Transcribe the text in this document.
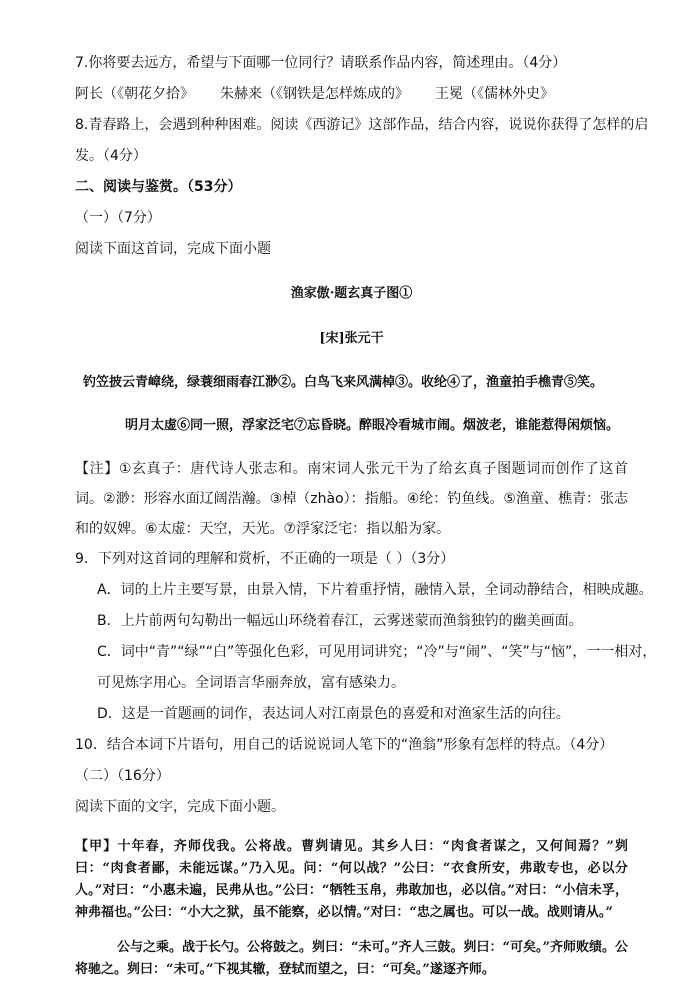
7.你将要去远方，希望与下面哪一位同行？请联系作品内容，简述理由。（4分）

阿长（《朝花夕拾》 朱赫来（《钢铁是怎样炼成的》 王冕（《儒林外史》

8.青春路上，会遇到种种困难。阅读《西游记》这部作品，结合内容，说说你获得了怎样的启

发。（4分）

二、阅读与鉴赏。（53分）

（一）（7分）

阅读下面这首词，完成下面小题

渔家傲·题玄真子图①

[宋]张元干

钓笠披云青嶂绕，绿蓑细雨春江渺②。白鸟飞来风满棹③。收纶④了，渔童拍手樵青⑤笑。

明月太虚⑥同一照，浮家泛宅⑦忘昏晓。醉眼冷看城市闹。烟波老，谁能惹得闲烦恼。

【注】①玄真子：唐代诗人张志和。南宋词人张元干为了给玄真子图题词而创作了这首词。②渺：形容水面辽阔浩瀚。③棹（zhào）：指船。④纶：钓鱼线。⑤渔童、樵青：张志和的奴婢。⑥太虚：天空，天光。⑦浮家泛宅：指以船为家。

9．下列对这首词的理解和赏析，不正确的一项是（ ）（3分）

A．词的上片主要写景，由景入情，下片着重抒情，融情入景，全词动静结合，相映成趣。

B．上片前两句勾勒出一幅远山环绕着春江，云雾迷蒙而渔翁独钓的幽美画面。

C．词中“青”“绿”“白”等强化色彩，可见用词讲究；“冷”与“闹”、“笑”与“恼”，一一相对，

可见炼字用心。全词语言华丽奔放，富有感染力。

D．这是一首题画的词作，表达词人对江南景色的喜爱和对渔家生活的向往。

10．结合本词下片语句，用自己的话说说词人笔下的“渔翁”形象有怎样的特点。（4分）

（二）（16分）

阅读下面的文字，完成下面小题。

【甲】十年春，齐师伐我。公将战。曹刿请见。其乡人曰：“肉食者谋之，又何间焉？”刿曰：“肉食者鄙，未能远谋。”乃入见。问：“何以战？”公曰：“衣食所安，弗敢专也，必以分人。”对曰：“小惠未遍，民弗从也。”公曰：“牺牲玉帛，弗敢加也，必以信。”对曰：“小信未孚，神弗福也。”公曰：“小大之狱，虽不能察，必以情。”对曰：“忠之属也。可以一战。战则请从。”

公与之乘。战于长勺。公将鼓之。刿曰：“未可。”齐人三鼓。刿曰：“可矣。”齐师败绩。公将驰之。刿曰：“未可。”下视其辙，登轼而望之，曰：“可矣。”遂逐齐师。
